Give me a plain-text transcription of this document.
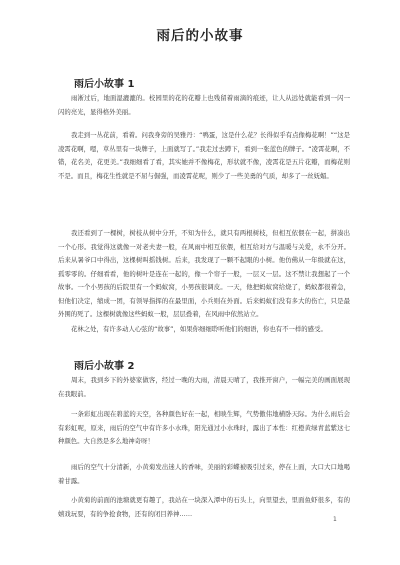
雨后的小故事
雨后小故事 1

雨淅过后，地面湿漉漉的。校园里的花的花瓣上也残留着雨滴的痕迹，让人从远处就能看到一闪一闪的亮光，显得格外美丽。

我走到一丛花前，看着。问我身旁的吴雅丹：“鸭蛋，这是什么花？长得似乎有点像梅花啊！”“这是凌霄花啊，嗯，草丛里有一块牌子，上面就写了。”我走过去蹲下，看到一张蓝色的牌子。“凌霄花啊，不错，花名美，花更美。”我细细看了看，其实她并不像梅花，形状就不像，凌霄花是五片花瓣，而梅花则不是。而且，梅花生性就是不屈与倔强，而凌霄花呢，则少了一些美勇的气质，却多了一丝妩媚。

我还看到了一棵树，树枝从树中分开，不知为什么，就只有两根树枝，但相互依偎在一起，拼凑出一个心形。我觉得这就像一对老夫妻一般，在风雨中相互依偎，相互给对方与温暖与关爱，永不分开。后来从暑爷口中得出，这棵树叫摇钱树。后来，我发现了一颗不起眼的小树。他仿佛从一年级就在这，孤零零的。仔细看看，他的树叶是连在一起的，像一个帘子一般，一层又一层。这不禁让我想起了一个故事。一个小男孩的后院里有一个蚂蚁窝，小男孩很调皮。一天，他把蚂蚁窝给烧了，蚂蚁都很着急，但他们决定，缩成一团，有领导指挥的在最里面，小兵则在外面。后来蚂蚁们没有多大的伤亡，只是最外围的死了。这棵树就像这些蚂蚁一般，层层叠着，在风雨中依然站立。

花林之处，有许多动人心弦的“故事”，如果你细细聆听他们的细语，你也有不一样的感受。

雨后小故事 2

周末，我到乡下的外婆家做客，经过一晚的大雨，清晨天晴了，我推开窗户，一幅完美的画面展现在我眼前。

一条彩虹出现在碧蓝的天空，各种颜色好在一起，相映生辉，气势傲伟地横卧天际。为什么雨后会有彩虹呢，原来，雨后的空气中有许多小水珠，阳光通过小水珠时，露出了本性：红橙黄绿青蓝紫这七种颜色。大自然是多么地神奇呀！

雨后的空气十分清新，小黄菊发出迷人的香味，美丽的彩蝶被吸引过来，停在上面，大口大口地喝着甘露。

小黄菊的前面的池塘就更有趣了，我站在一块深入潭中的石头上，向里望去，里面鱼虾很多，有的嬉戏玩耍，有的争抢食物，还有的闭目养神……

1
